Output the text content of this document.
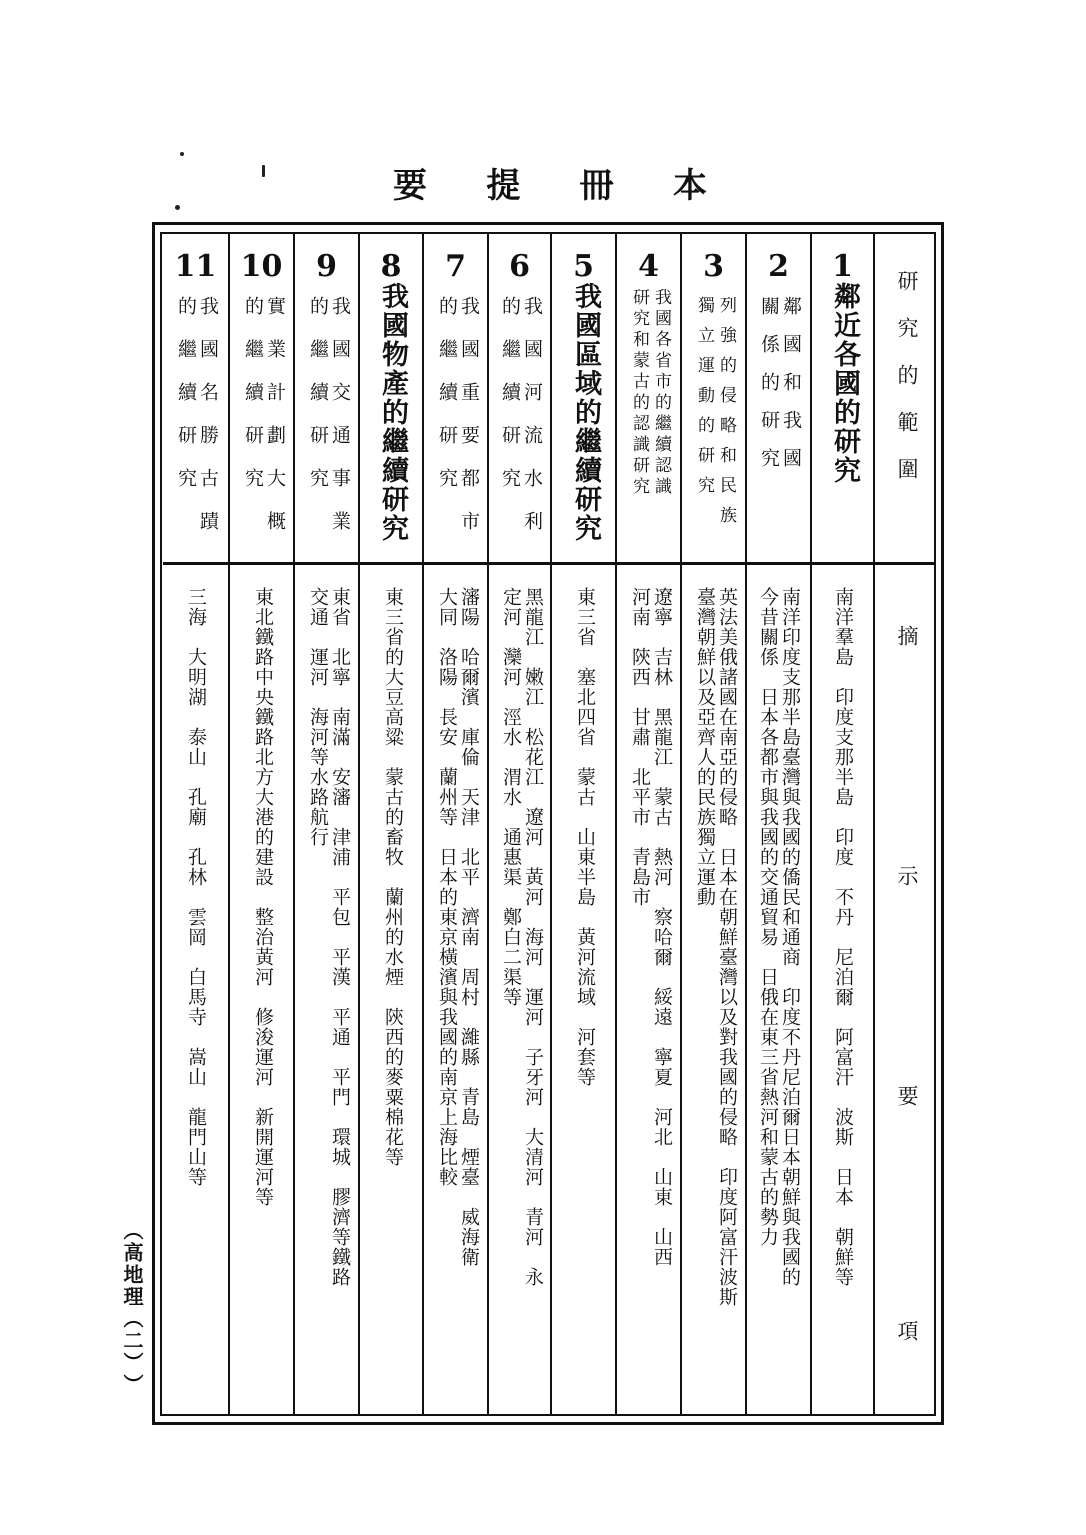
本
冊
提
要
研究的範圍
摘
示
要
項
1
鄰近各國的研究
南洋羣島　印度支那半島　印度　不丹　尼泊爾　阿富汗　波斯　日本　朝鮮等
2
鄰國和我國
關係的研究
南洋印度支那半島臺灣與我國的僑民和通商　印度不丹尼泊爾日本朝鮮與我國的
今昔關係　日本各都市與我國的交通貿易　日俄在東三省熱河和蒙古的勢力
3
列強的侵略和民族
獨立運動的研究
英法美俄諸國在南亞的侵略　日本在朝鮮臺灣以及對我國的侵略　印度阿富汗波斯
臺灣朝鮮以及亞齊人的民族獨立運動
4
我國各省市的繼續認識
研究和蒙古的認識研究
遼寧　吉林　黑龍江　蒙古　熱河　察哈爾　綏遠　寧夏　河北　山東　山西
河南　陝西　甘肅　北平市　青島市
5
我國區域的繼續研究
東三省　塞北四省　蒙古　山東半島　黃河流域　河套等
6
我國河流水利
的繼續研究
黑龍江　嫩江　松花江　遼河　黃河　海河　運河　子牙河　大清河　青河　永
定河　灤河　涇水　渭水　通惠渠　鄭白二渠等
7
我國重要都市
的繼續研究
瀋陽　哈爾濱　庫倫　天津　北平　濟南　周村　濰縣　青島　煙臺　威海衛
大同　洛陽　長安　蘭州等　日本的東京橫濱與我國的南京上海比較
8
我國物產的繼續研究
東三省的大豆高粱　蒙古的畜牧　蘭州的水煙　陝西的麥粟棉花等
9
我國交通事業
的繼續研究
東省　北寧　南滿　安瀋　津浦　平包　平漢　平通　平門　環城　膠濟等鐵路
交通　運河　海河等水路航行
10
實業計劃大概
的繼續研究
東北鐵路中央鐵路北方大港的建設　整治黃河　修浚運河　新開運河等
11
我國名勝古蹟
的繼續研究
三海　大明湖　泰山　孔廟　孔林　雲岡　白馬寺　嵩山　龍門山等
︵高地理︵二︶︶
